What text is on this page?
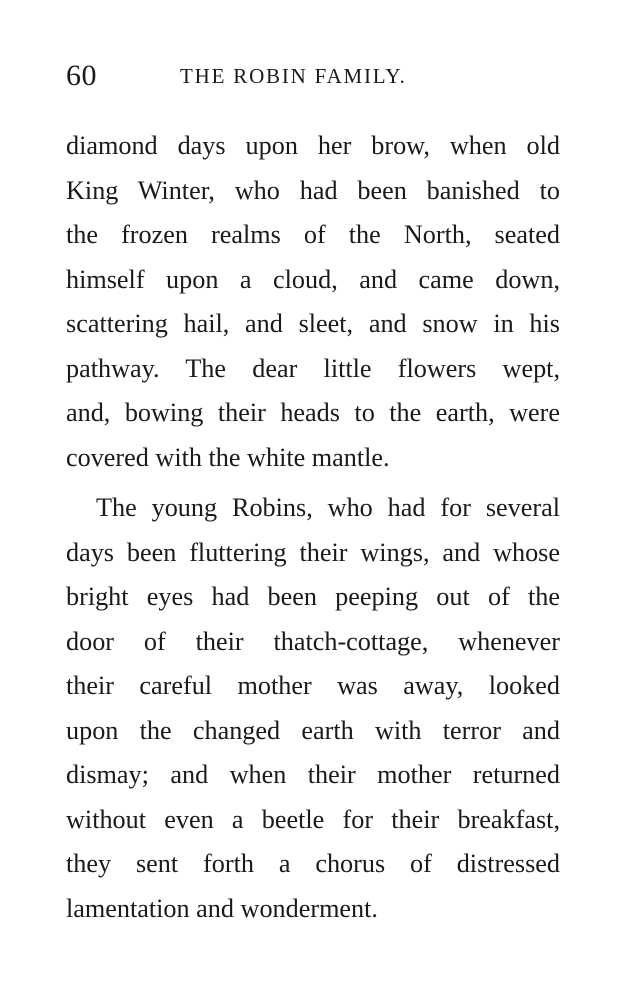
60	THE ROBIN FAMILY.
diamond days upon her brow, when old
King Winter, who had been banished to
the frozen realms of the North, seated
himself upon a cloud, and came down,
scattering hail, and sleet, and snow in his
pathway. The dear little flowers wept,
and, bowing their heads to the earth, were
covered with the white mantle.
The young Robins, who had for several
days been fluttering their wings, and whose
bright eyes had been peeping out of the
door of their thatch-cottage, whenever
their careful mother was away, looked
upon the changed earth with terror and
dismay; and when their mother returned
without even a beetle for their breakfast,
they sent forth a chorus of distressed
lamentation and wonderment.
